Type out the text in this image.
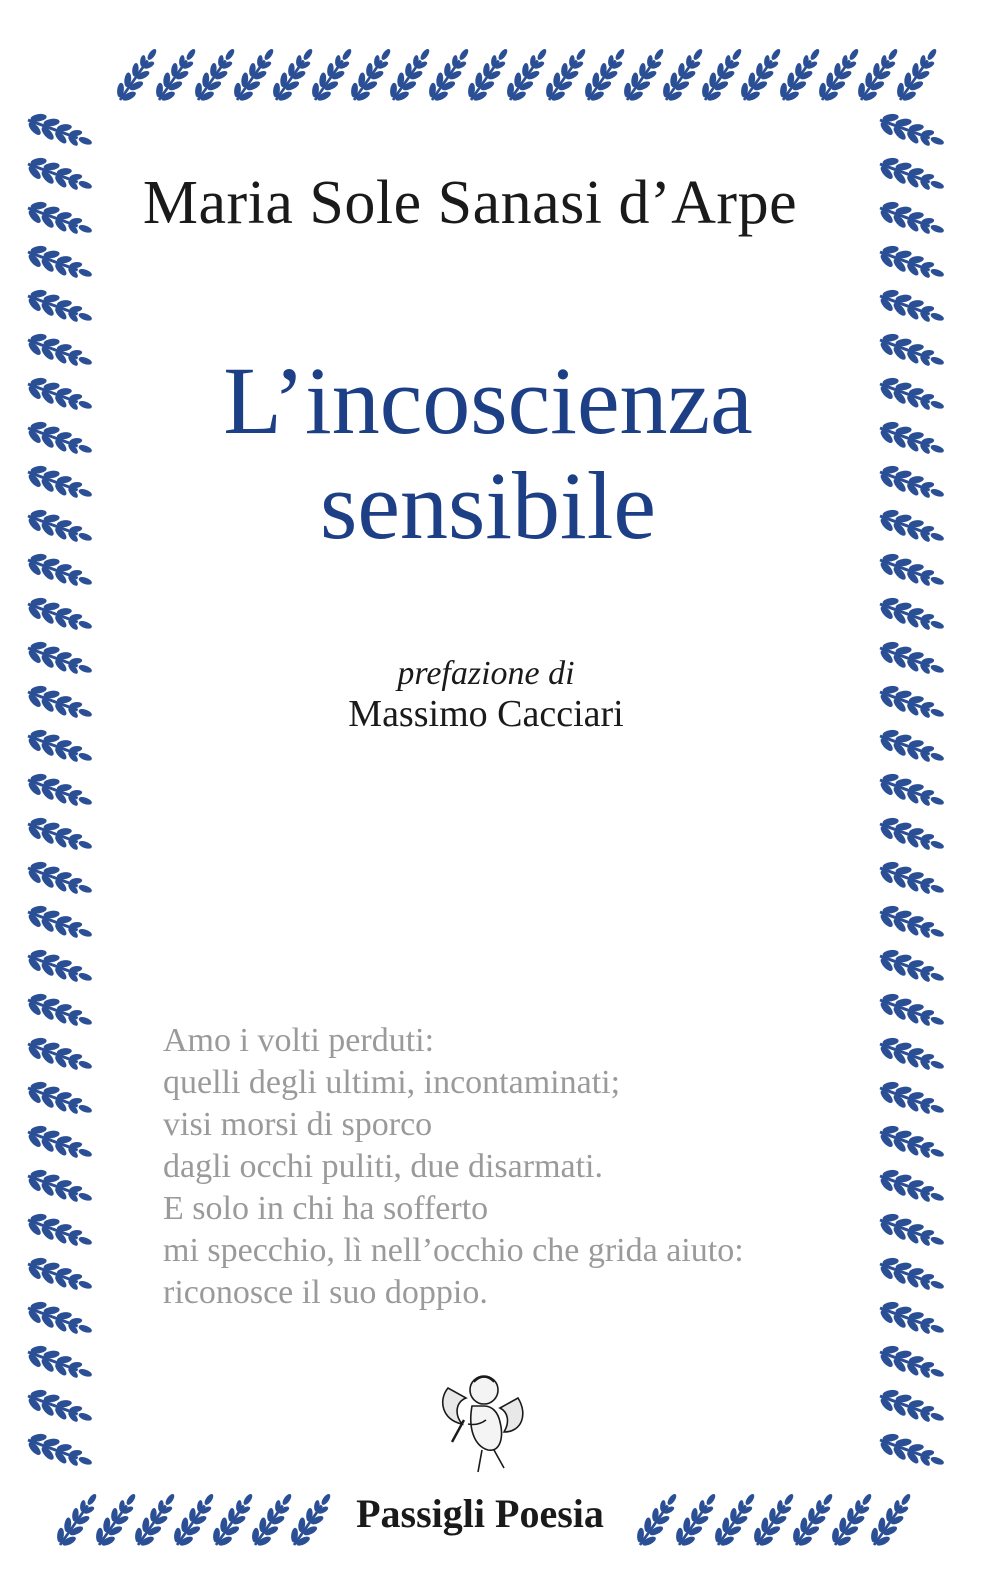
Maria Sole Sanasi d’Arpe
L’incoscienza
sensibile
prefazione di
Massimo Cacciari
Amo i volti perduti:
quelli degli ultimi, incontaminati;
visi morsi di sporco
dagli occhi puliti, due disarmati.
E solo in chi ha sofferto
mi specchio, lì nell’occhio che grida aiuto:
riconosce il suo doppio.
Passigli Poesia
